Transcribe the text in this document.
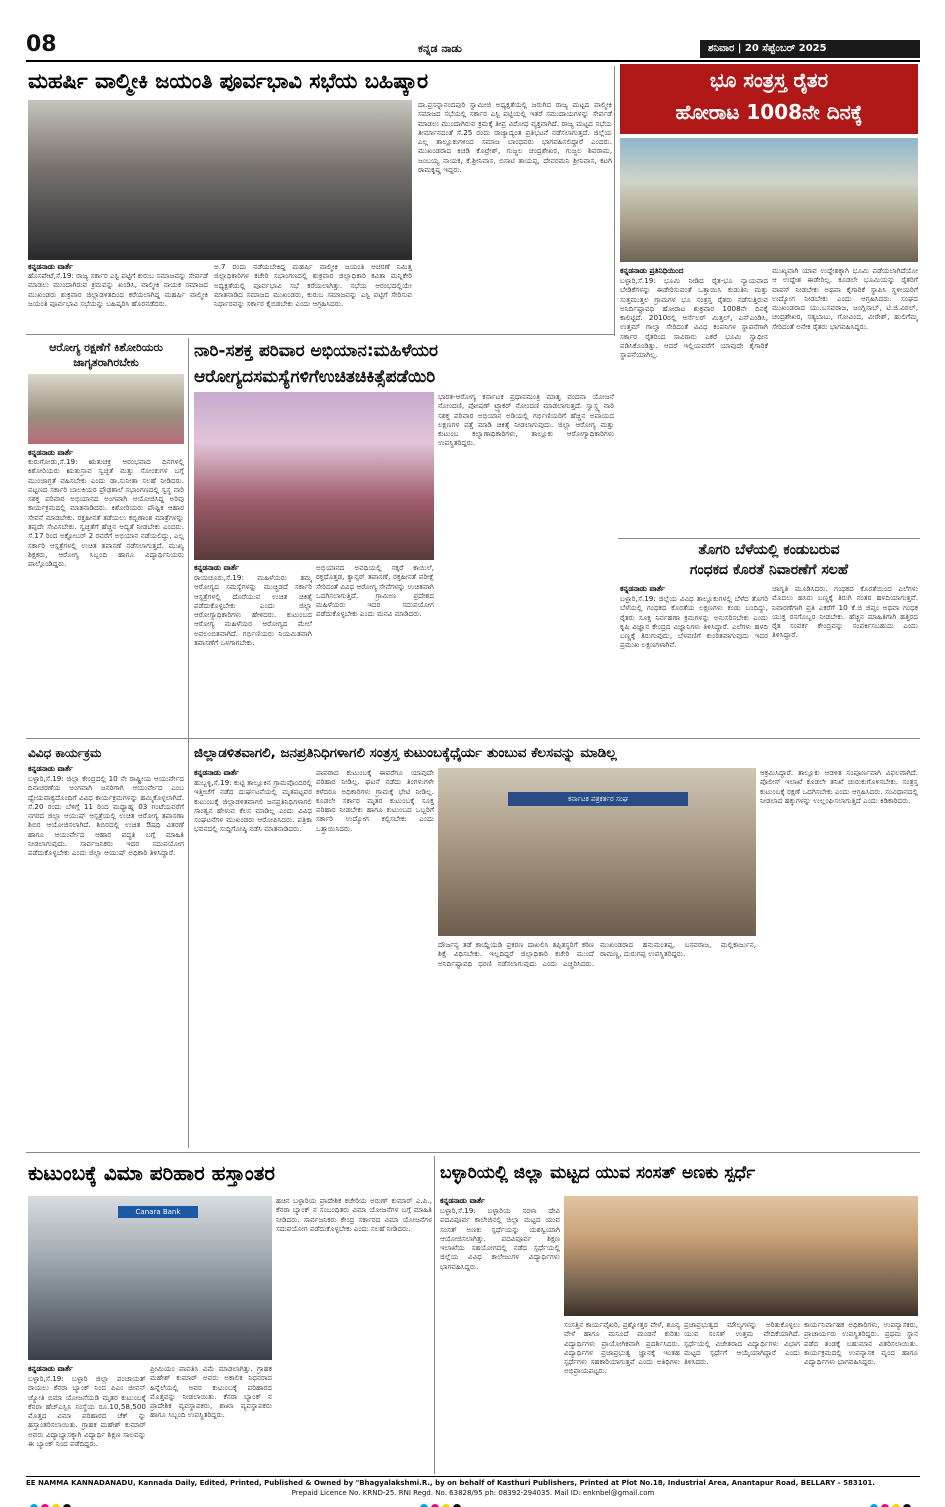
08	ಕನ್ನಡ ನಾಡು	ಶನಿವಾರ | 20 ಸೆಪ್ಟೆಂಬರ್ 2025
ಮಹರ್ಷಿ ವಾಲ್ಮೀಕಿ ಜಯಂತಿ ಪೂರ್ವಭಾವಿ ಸಭೆಯ ಬಹಿಷ್ಕಾರ
ಕನ್ನಡನಾಡು ವಾರ್ತೆ
ಹೊಸಪೇಟೆ,ಸೆ.19: ರಾಜ್ಯ ಸರ್ಕಾರ ಎಸ್ಟಿ ಪಟ್ಟಿಗೆ ಕುರುಬ ಸಮಾಜವನ್ನು ಸೇರ್ಪಡೆ ಮಾಡಲು ಮುಂದಾಗಿರುವ ಕ್ರಮವನ್ನು ಖಂಡಿಸಿ, ವಾಲ್ಮೀಕಿ ನಾಯಕ ಸಮಾಜದ ಮುಖಂಡರು ಶುಕ್ರವಾರ ಜಿಲ್ಲಾಡಳಿತದಿಂದ ಕರೆಯಲಾಗಿದ್ದ ಮಹರ್ಷಿ ವಾಲ್ಮೀಕಿ ಜಯಂತಿ ಪೂರ್ವಭಾವಿ ಸಭೆಯನ್ನು ಬಹಿಷ್ಕರಿಸಿ ಹೊರನಡೆದರು.
ಅ.7 ರಂದು ನಡೆಯಬೇಕಿದ್ದ ಮಹರ್ಷಿ ವಾಲ್ಮೀಕಿ ಜಯಂತಿ ಆಚರಣೆ ನಿಮಿತ್ತ ಜಿಲ್ಲಾಧಿಕಾರಿಗಳ ಕಚೇರಿ ಸಭಾಂಗಣದಲ್ಲಿ ಶುಕ್ರವಾರ ಜಿಲ್ಲಾಧಿಕಾರಿ ಕವಿತಾ ಮನ್ನಿಕೇರಿ ಅಧ್ಯಕ್ಷತೆಯಲ್ಲಿ ಪೂರ್ವಭಾವಿ ಸಭೆ ಕರೆಯಲಾಗಿತ್ತು. ಸಭೆಯ ಆರಂಭದಲ್ಲಿಯೇ ಮಾತನಾಡಿದ ಸಮಾಜದ ಮುಖಂಡರು, ಕುರುಬ ಸಮಾಜವನ್ನು ಎಸ್ಟಿ ಪಟ್ಟಿಗೆ ಸೇರಿಸುವ ನಿರ್ಧಾರವನ್ನು ಸರ್ಕಾರ ಕೈಬಿಡಬೇಕು ಎಂದು ಆಗ್ರಹಿಸಿದರು.
ದಾ.ಪ್ರಸನ್ನಾನಂದಪುರಿ ಸ್ವಾಮೀಜಿ ಅಧ್ಯಕ್ಷತೆಯಲ್ಲಿ ಜರುಗಿದ ರಾಜ್ಯ ಮಟ್ಟದ ವಾಲ್ಮೀಕಿ ಸಮಾಜದ ಸಭೆಯಲ್ಲಿ ಸರ್ಕಾರ ಎಸ್ಟಿ ಪಟ್ಟಿಯಲ್ಲಿ ಇತರೆ ಸಮುದಾಯಗಳನ್ನು ಸೇರ್ಪಡೆ ಮಾಡಲು ಮುಂದಾಗಿರುವ ಕ್ರಮಕ್ಕೆ ತೀವ್ರ ವಿರೋಧ ವ್ಯಕ್ತವಾಗಿದೆ. ರಾಜ್ಯ ಮಟ್ಟದ ಸಭೆಯ ತೀರ್ಮಾನದಂತೆ ಸೆ.25 ರಂದು ರಾಜ್ಯಾದ್ಯಂತ ಪ್ರತಿಭಟನೆ ನಡೆಸಲಾಗುತ್ತದೆ. ಜಿಲ್ಲೆಯ ಎಲ್ಲ ತಾಲ್ಲೂಕುಗಳಿಂದ ಸಮಾಜ ಬಾಂಧವರು ಭಾಗವಹಿಸಲಿದ್ದಾರೆ ಎಂದರು. ಮುಖಂಡರಾದ ಕಿಚಡಿ ಕೊಟ್ರೇಶ್, ಗುಜ್ಜಲ ಚಂದ್ರಶೇಖರ, ಗುಜ್ಜಲ ಶಿವರಾಮ, ಜಂಬಯ್ಯ ನಾಯಕ, ಕೆ.ಶ್ರೀನಿವಾಸ, ಬಿಸಾಟಿ ತಾಯಪ್ಪ, ದೇವರಮನಿ ಶ್ರೀನಿವಾಸ, ಕಟಗಿ ರಾಮಕೃಷ್ಣ ಇದ್ದರು.
ಭೂ ಸಂತ್ರಸ್ತ ರೈತರ
ಹೋರಾಟ 1008ನೇ ದಿನಕ್ಕೆ
ಕನ್ನಡನಾಡು ಪ್ರತಿನಿಧಿಯಿಂದ
ಬಳ್ಳಾರಿ,ಸೆ.19: ಭೂಮಿ ನೀಡಿದ ರೈತ-ಭೂ ನ್ಯಾಯವಾದ ಬೇಡಿಕೆಗಳನ್ನು ಈಡೇರಿಸುವಂತೆ ಒತ್ತಾಯಿಸಿ ಕುಡುತಿನಿ ಮತ್ತು ಸುತ್ತಮುತ್ತಲ ಗ್ರಾಮಗಳ ಭೂ ಸಂತ್ರಸ್ತ ರೈತರು ನಡೆಸುತ್ತಿರುವ ಅನಿರ್ದಿಷ್ಟಾವಧಿ ಹೋರಾಟ ಶುಕ್ರವಾರ 1008ನೇ ದಿನಕ್ಕೆ ಕಾಲಿಟ್ಟಿದೆ. 2010ರಲ್ಲಿ ಆರ್ಸೆಲರ್ ಮಿತ್ತಲ್, ಎನ್ಎಂಡಿಸಿ, ಉತ್ತಮ್ ಗಾಲ್ವಾ ಸೇರಿದಂತೆ ವಿವಿಧ ಕಂಪನಿಗಳ ಸ್ಥಾಪನೆಗಾಗಿ ಸರ್ಕಾರ ರೈತರಿಂದ ಸಾವಿರಾರು ಎಕರೆ ಭೂಮಿ ಸ್ವಾಧೀನ ಪಡಿಸಿಕೊಂಡಿತ್ತು. ಆದರೆ ಇಲ್ಲಿಯವರೆಗೆ ಯಾವುದೇ ಕೈಗಾರಿಕೆ ಸ್ಥಾಪನೆಯಾಗಿಲ್ಲ.
ಮುಖ್ಯವಾಗಿ ಯಾವ ಉದ್ದೇಶಕ್ಕಾಗಿ ಭೂಮಿ ಪಡೆಯಲಾಗಿದೆಯೋ ಆ ಉದ್ದೇಶ ಈಡೇರಿಲ್ಲ. ಕೂಡಲೇ ಭೂಮಿಯನ್ನು ರೈತರಿಗೆ ವಾಪಸ್ ನೀಡಬೇಕು ಅಥವಾ ಕೈಗಾರಿಕೆ ಸ್ಥಾಪಿಸಿ ಸ್ಥಳೀಯರಿಗೆ ಉದ್ಯೋಗ ನೀಡಬೇಕು ಎಂದು ಆಗ್ರಹಿಸಿದರು. ಸಂಘದ ಮುಖಂಡರಾದ ಯು.ಬಸವರಾಜ, ಜಂಗ್ಲಿಸಾಬ್, ಟಿ.ಜಿ.ವಿಠಲ್, ಚಂದ್ರಶೇಖರ, ಸತ್ಯಬಾಬು, ಗೋವಿಂದ, ವೀರೇಶ್, ಹುಲಿಗೆಮ್ಮ ಸೇರಿದಂತೆ ಅನೇಕ ರೈತರು ಭಾಗವಹಿಸಿದ್ದರು.
ಆರೋಗ್ಯ ರಕ್ಷಣೆಗೆ ಕಿಶೋರಿಯರು
ಜಾಗೃತರಾಗಿರಬೇಕು
ಕನ್ನಡನಾಡು ವಾರ್ತೆ
ಕುರುಗೋಡು,ಸೆ.19: ಋತುಚಕ್ರ ಆರಂಭವಾದ ದಿನಗಳಲ್ಲಿ ಕಿಶೋರಿಯರು ಋತುಸ್ರಾವ ಸ್ವಚ್ಛತೆ ಮತ್ತು ಸೋಂಕುಗಳ ಬಗ್ಗೆ ಮುಂಜಾಗ್ರತೆ ವಹಿಸಬೇಕು ಎಂದು ಡಾ.ಸುನೀತಾ ಸಲಹೆ ನೀಡಿದರು. ಪಟ್ಟಣದ ಸರ್ಕಾರಿ ಬಾಲಕಿಯರ ಪ್ರೌಢಶಾಲೆ ಸಭಾಂಗಣದಲ್ಲಿ ಸ್ವಸ್ಥ ನಾರಿ ಸಶಕ್ತ ಪರಿವಾರ ಅಭಿಯಾನದ ಅಂಗವಾಗಿ ಆಯೋಜಿಸಿದ್ದ ಅರಿವು ಕಾರ್ಯಕ್ರಮದಲ್ಲಿ ಮಾತನಾಡಿದರು. ಕಿಶೋರಿಯರು ಪೌಷ್ಟಿಕ ಆಹಾರ ಸೇವನೆ ಮಾಡಬೇಕು. ರಕ್ತಹೀನತೆ ತಡೆಯಲು ಕಬ್ಬಿಣಾಂಶ ಮಾತ್ರೆಗಳನ್ನು ತಪ್ಪದೇ ಸೇವಿಸಬೇಕು. ಸ್ವಚ್ಛತೆಗೆ ಹೆಚ್ಚಿನ ಆದ್ಯತೆ ನೀಡಬೇಕು ಎಂದರು. ಸೆ.17 ರಿಂದ ಅಕ್ಟೋಬರ್ 2 ರವರೆಗೆ ಅಭಿಯಾನ ನಡೆಯಲಿದ್ದು, ಎಲ್ಲ ಸರ್ಕಾರಿ ಆಸ್ಪತ್ರೆಗಳಲ್ಲಿ ಉಚಿತ ತಪಾಸಣೆ ನಡೆಸಲಾಗುತ್ತದೆ. ಮುಖ್ಯ ಶಿಕ್ಷಕರು, ಆರೋಗ್ಯ ಸಿಬ್ಬಂದಿ ಹಾಗೂ ವಿದ್ಯಾರ್ಥಿನಿಯರು ಪಾಲ್ಗೊಂಡಿದ್ದರು.
ನಾರಿ-ಸಶಕ್ತ ಪರಿವಾರ ಅಭಿಯಾನ:ಮಹಿಳೆಯರ
ಆರೋಗ್ಯದಸಮಸ್ಯೆಗಳಿಗೆಉಚಿತಚಿಕಿತ್ಸೆಪಡೆಯಿರಿ
ಕನ್ನಡನಾಡು ವಾರ್ತೆ
ರಾಯಚೂರು,ಸೆ.19: ಮಹಿಳೆಯರು ತಮ್ಮ ಆರೋಗ್ಯದ ಸಮಸ್ಯೆಗಳನ್ನು ಮುಚ್ಚಿಡದೆ ಸರ್ಕಾರಿ ಆಸ್ಪತ್ರೆಗಳಲ್ಲಿ ದೊರೆಯುವ ಉಚಿತ ಚಿಕಿತ್ಸೆ ಪಡೆದುಕೊಳ್ಳಬೇಕು ಎಂದು ಜಿಲ್ಲಾ ಆರೋಗ್ಯಾಧಿಕಾರಿಗಳು ಹೇಳಿದರು. ಕುಟುಂಬದ ಆರೋಗ್ಯ ಮಹಿಳೆಯರ ಆರೋಗ್ಯದ ಮೇಲೆ ಅವಲಂಬಿತವಾಗಿದೆ. ಗರ್ಭಿಣಿಯರು ನಿಯಮಿತವಾಗಿ ತಪಾಸಣೆಗೆ ಒಳಗಾಗಬೇಕು.
ಅಭಿಯಾನದ ಅವಧಿಯಲ್ಲಿ ಸಕ್ಕರೆ ಕಾಯಿಲೆ, ರಕ್ತದೊತ್ತಡ, ಕ್ಯಾನ್ಸರ್ ತಪಾಸಣೆ, ರಕ್ತಹೀನತೆ ಪರೀಕ್ಷೆ ಸೇರಿದಂತೆ ವಿವಿಧ ಆರೋಗ್ಯ ಸೇವೆಗಳನ್ನು ಉಚಿತವಾಗಿ ಒದಗಿಸಲಾಗುತ್ತಿದೆ. ಗ್ರಾಮೀಣ ಪ್ರದೇಶದ ಮಹಿಳೆಯರು ಇದರ ಸದುಪಯೋಗ ಪಡೆದುಕೊಳ್ಳಬೇಕು ಎಂದು ಮನವಿ ಮಾಡಿದರು.
ಭಾರತ-ಆರೋಗ್ಯ ಕರ್ನಾಟಕ ಪ್ರಧಾನಮಂತ್ರಿ ಮಾತೃ ವಂದನಾ ಯೋಜನೆ ನೋಂದಣಿ, ಪೋಷಣ್ ಟ್ರ್ಯಾಕರ್ ನೋಂದಣಿ ಮಾಡಲಾಗುತ್ತದೆ. ಸ್ವಾಸ್ಥ್ಯ ನಾರಿ ಸಶಕ್ತ ಪರಿವಾರ ಅಭಿಯಾನ ಅಡಿಯಲ್ಲಿ ಗರ್ಭಿಣಿಯರಿಗೆ ಹೆಚ್ಚಿನ ಅಪಾಯದ ಲಕ್ಷಣಗಳ ಪತ್ತೆ ಮಾಡಿ ಚಿಕಿತ್ಸೆ ನೀಡಲಾಗುವುದು. ಜಿಲ್ಲಾ ಆರೋಗ್ಯ ಮತ್ತು ಕುಟುಂಬ ಕಲ್ಯಾಣಾಧಿಕಾರಿಗಳು, ತಾಲ್ಲೂಕು ಆರೋಗ್ಯಾಧಿಕಾರಿಗಳು ಉಪಸ್ಥಿತರಿದ್ದರು.
ತೊಗರಿ ಬೆಳೆಯಲ್ಲಿ ಕಂಡುಬರುವ
ಗಂಧಕದ ಕೊರತೆ ನಿವಾರಣೆಗೆ ಸಲಹೆ
ಕನ್ನಡನಾಡು ವಾರ್ತೆ
ಬಳ್ಳಾರಿ,ಸೆ.19: ಜಿಲ್ಲೆಯ ವಿವಿಧ ತಾಲ್ಲೂಕುಗಳಲ್ಲಿ ಬೆಳೆದ ತೊಗರಿ ಬೆಳೆಯಲ್ಲಿ ಗಂಧಕದ ಕೊರತೆಯ ಲಕ್ಷಣಗಳು ಕಂಡು ಬಂದಿದ್ದು, ರೈತರು ಸೂಕ್ತ ನಿರ್ವಹಣಾ ಕ್ರಮಗಳನ್ನು ಅನುಸರಿಸಬೇಕು ಎಂದು ಕೃಷಿ ವಿಜ್ಞಾನ ಕೇಂದ್ರದ ವಿಜ್ಞಾನಿಗಳು ತಿಳಿಸಿದ್ದಾರೆ. ಎಲೆಗಳು ಹಳದಿ ಬಣ್ಣಕ್ಕೆ ತಿರುಗುವುದು, ಬೆಳವಣಿಗೆ ಕುಂಠಿತವಾಗುವುದು ಇದರ ಪ್ರಮುಖ ಲಕ್ಷಣಗಳಾಗಿವೆ.
ಜಾಗೃತಿ ಮೂಡಿಸಿದರು. ಗಂಧಕದ ಕೊರತೆಯಿಂದ ಎಲೆಗಳು ಮೊದಲು ಹಸಿರು ಬಣ್ಣಕ್ಕೆ ತಿರುಗಿ ನಂತರ ಹಳದಿಯಾಗುತ್ತವೆ. ನಿವಾರಣೆಗಾಗಿ ಪ್ರತಿ ಎಕರೆಗೆ 10 ಕೆ.ಜಿ ಜಿಪ್ಸಂ ಅಥವಾ ಗಂಧಕ ಯುಕ್ತ ರಸಗೊಬ್ಬರ ನೀಡಬೇಕು. ಹೆಚ್ಚಿನ ಮಾಹಿತಿಗಾಗಿ ಹತ್ತಿರದ ರೈತ ಸಂಪರ್ಕ ಕೇಂದ್ರವನ್ನು ಸಂಪರ್ಕಿಸಬಹುದು ಎಂದು ತಿಳಿಸಿದ್ದಾರೆ.
ವಿವಿಧ ಕಾರ್ಯಕ್ರಮ
ಕನ್ನಡನಾಡು ವಾರ್ತೆ
ಬಳ್ಳಾರಿ,ಸೆ.19: ಜಿಲ್ಲಾ ಕೇಂದ್ರದಲ್ಲಿ 10 ನೇ ರಾಷ್ಟ್ರೀಯ ಆಯುರ್ವೇದ ದಿನಾಚರಣೆಯ ಅಂಗವಾಗಿ ಜನರಿಗಾಗಿ ಆಯುರ್ವೇದ ಎಂಬ ಧ್ಯೇಯವಾಕ್ಯದೊಂದಿಗೆ ವಿವಿಧ ಕಾರ್ಯಕ್ರಮಗಳನ್ನು ಹಮ್ಮಿಕೊಳ್ಳಲಾಗಿದೆ. ಸೆ.20 ರಂದು ಬೆಳಿಗ್ಗೆ 11 ರಿಂದ ಮಧ್ಯಾಹ್ನ 03 ಗಂಟೆಯವರೆಗೆ ನಗರದ ಜಿಲ್ಲಾ ಆಯುಷ್ ಆಸ್ಪತ್ರೆಯಲ್ಲಿ ಉಚಿತ ಆರೋಗ್ಯ ತಪಾಸಣಾ ಶಿಬಿರ ಆಯೋಜಿಸಲಾಗಿದೆ. ಶಿಬಿರದಲ್ಲಿ ಉಚಿತ ಔಷಧಿ ವಿತರಣೆ ಹಾಗೂ ಆಯುರ್ವೇದ ಆಹಾರ ಪದ್ಧತಿ ಬಗ್ಗೆ ಮಾಹಿತಿ ನೀಡಲಾಗುವುದು. ಸಾರ್ವಜನಿಕರು ಇದರ ಸದುಪಯೋಗ ಪಡೆದುಕೊಳ್ಳಬೇಕು ಎಂದು ಜಿಲ್ಲಾ ಆಯುಷ್ ಅಧಿಕಾರಿ ತಿಳಿಸಿದ್ದಾರೆ.
ಜಿಲ್ಲಾಡಳಿತವಾಗಲಿ, ಜನಪ್ರತಿನಿಧಿಗಳಾಗಲಿ ಸಂತ್ರಸ್ತ ಕುಟುಂಬಕ್ಕೆಧೈರ್ಯ ತುಂಬುವ ಕೆಲಸವನ್ನು ಮಾಡಿಲ್ಲ
ಕನ್ನಡನಾಡು ವಾರ್ತೆ
ಹುಬ್ಬಳ್ಳಿ,ಸೆ.19: ಕುಟ್ಟಿ ತಾಲ್ಲೂಕಿನ ಗ್ರಾಮವೊಂದರಲ್ಲಿ ಇತ್ತೀಚೆಗೆ ನಡೆದ ದುರ್ಘಟನೆಯಲ್ಲಿ ಮೃತಪಟ್ಟವರ ಕುಟುಂಬಕ್ಕೆ ಜಿಲ್ಲಾಡಳಿತವಾಗಲಿ ಜನಪ್ರತಿನಿಧಿಗಳಾಗಲಿ ಸಾಂತ್ವನ ಹೇಳುವ ಕೆಲಸ ಮಾಡಿಲ್ಲ ಎಂದು ವಿವಿಧ ಸಂಘಟನೆಗಳ ಮುಖಂಡರು ಆರೋಪಿಸಿದರು. ಪತ್ರಿಕಾ ಭವನದಲ್ಲಿ ಸುದ್ದಿಗೋಷ್ಠಿ ನಡೆಸಿ ಮಾತನಾಡಿದರು.
ಪಾಪರಾದ ಕುಟುಂಬಕ್ಕೆ ಈವರೆಗೂ ಯಾವುದೇ ಪರಿಹಾರ ನೀಡಿಲ್ಲ. ಘಟನೆ ನಡೆದು ತಿಂಗಳುಗಳೇ ಕಳೆದರೂ ಅಧಿಕಾರಿಗಳು ಗ್ರಾಮಕ್ಕೆ ಭೇಟಿ ನೀಡಿಲ್ಲ. ಕೂಡಲೇ ಸರ್ಕಾರ ಮೃತರ ಕುಟುಂಬಕ್ಕೆ ಸೂಕ್ತ ಪರಿಹಾರ ನೀಡಬೇಕು ಹಾಗೂ ಕುಟುಂಬದ ಒಬ್ಬರಿಗೆ ಸರ್ಕಾರಿ ಉದ್ಯೋಗ ಕಲ್ಪಿಸಬೇಕು ಎಂದು ಒತ್ತಾಯಿಸಿದರು.
ಕರ್ನಾಟಕ ಪತ್ರಕರ್ತರ ಸಂಘ
ದೌರ್ಜನ್ಯ ತಡೆ ಕಾಯ್ದೆಯಡಿ ಪ್ರಕರಣ ದಾಖಲಿಸಿ ತಪ್ಪಿತಸ್ಥರಿಗೆ ಕಠಿಣ ಶಿಕ್ಷೆ ವಿಧಿಸಬೇಕು. ಇಲ್ಲದಿದ್ದರೆ ಜಿಲ್ಲಾಧಿಕಾರಿ ಕಚೇರಿ ಮುಂದೆ ಅನಿರ್ದಿಷ್ಟಾವಧಿ ಧರಣಿ ನಡೆಸಲಾಗುವುದು ಎಂದು ಎಚ್ಚರಿಸಿದರು. ಮುಖಂಡರಾದ ಹನುಮಂತಪ್ಪ, ಬಸವರಾಜ, ಮಲ್ಲಿಕಾರ್ಜುನ, ರಾಮಣ್ಣ, ದುರುಗಪ್ಪ ಉಪಸ್ಥಿತರಿದ್ದರು.
ಆಕ್ರಮಿಸಿದ್ದಾರೆ. ತಾಲ್ಲೂಕು ಆಡಳಿತ ಸಂಪೂರ್ಣವಾಗಿ ವಿಫಲವಾಗಿದೆ. ಪೊಲೀಸ್ ಇಲಾಖೆ ಕೂಡಲೇ ತನಿಖೆ ಚುರುಕುಗೊಳಿಸಬೇಕು. ಸಂತ್ರಸ್ತ ಕುಟುಂಬಕ್ಕೆ ರಕ್ಷಣೆ ಒದಗಿಸಬೇಕು ಎಂದು ಆಗ್ರಹಿಸಿದರು. ಸಂವಿಧಾನದಲ್ಲಿ ನೀಡಲಾದ ಹಕ್ಕುಗಳನ್ನು ಉಲ್ಲಂಘಿಸಲಾಗುತ್ತಿದೆ ಎಂದು ಕಿಡಿಕಾರಿದರು.
ಕುಟುಂಬಕ್ಕೆ ವಿಮಾ ಪರಿಹಾರ ಹಸ್ತಾಂತರ
Canara Bank
ಕನ್ನಡನಾಡು ವಾರ್ತೆ
ಬಳ್ಳಾರಿ,ಸೆ.19: ಬಳ್ಳಾರಿ ಜಿಲ್ಲಾ ಪಂಚಾಯತ್ ರಾಯಲು ಕೆನರಾ ಬ್ಯಾಂಕ್ ನಿಂದ ಪಿಎಂ ಜೀವನ್ ಜ್ಯೋತಿ ಬಿಮಾ ಯೋಜನೆಯಡಿ ಮೃತರ ಕುಟುಂಬಕ್ಕೆ ಕೆನರಾ ಹೆಚ್ಎಸ್ಬಿಸಿ ಸಂಸ್ಥೆಯ ರೂ.10,58,500 ಮೊತ್ತದ ವಿಮಾ ಪರಿಹಾರದ ಚೆಕ್ ನ್ನು ಹಸ್ತಾಂತರಿಸಲಾಯಿತು. ಗ್ರಾಹಕ ಮಹೇಶ್ ಕುಮಾರ್ ಅವರು ವಿದ್ಯಾಭ್ಯಾಸಕ್ಕಾಗಿ ವಿದ್ಯಾರ್ಥಿ ಶಿಕ್ಷಣ ಸಾಲವನ್ನು ಈ ಬ್ಯಾಂಕ್ ನಿಂದ ಪಡೆದಿದ್ದರು.
ಪ್ರೀಮಿಯಂ ಪಾವತಿಸಿ ವಿಮೆ ಮಾಡಲಾಗಿತ್ತು. ಗ್ರಾಹಕ ಮಹೇಶ್ ಕುಮಾರ್ ಅವರು ಅಕಾಲಿಕ ನಿಧನರಾದ ಹಿನ್ನೆಲೆಯಲ್ಲಿ ಅವರ ಕುಟುಂಬಕ್ಕೆ ಪರಿಹಾರದ ಮೊತ್ತವನ್ನು ನೀಡಲಾಯಿತು. ಕೆನರಾ ಬ್ಯಾಂಕ್ ನ ಪ್ರಾದೇಶಿಕ ವ್ಯವಸ್ಥಾಪಕರು, ಶಾಖಾ ವ್ಯವಸ್ಥಾಪಕರು ಹಾಗೂ ಸಿಬ್ಬಂದಿ ಉಪಸ್ಥಿತರಿದ್ದರು.
ಹಚಿನ ಬಳ್ಳಾರಿಯ ಪ್ರಾದೇಶಿಕ ಕಚೇರಿಯ ಅರುಣ್ ಕುಮಾರ್ ಎ.ಪಿ., ಕೆನರಾ ಬ್ಯಾಂಕ್ ನ ಸಂಬಂಧಿತರು ವಿಮಾ ಯೋಜನೆಗಳ ಬಗ್ಗೆ ಮಾಹಿತಿ ನೀಡಿದರು. ಸಾರ್ವಜನಿಕರು ಕೇಂದ್ರ ಸರ್ಕಾರದ ವಿಮಾ ಯೋಜನೆಗಳ ಸದುಪಯೋಗ ಪಡೆದುಕೊಳ್ಳಬೇಕು ಎಂದು ಸಲಹೆ ನೀಡಿದರು.
ಬಳ್ಳಾರಿಯಲ್ಲಿ ಜಿಲ್ಲಾ ಮಟ್ಟದ ಯುವ ಸಂಸತ್ ಅಣಕು ಸ್ಪರ್ಧೆ
ಕನ್ನಡನಾಡು ವಾರ್ತೆ
ಬಳ್ಳಾರಿ,ಸೆ.19: ಬಳ್ಳಾರಿಯ ಸರಳಾ ದೇವಿ ಪದವಿಪೂರ್ವ ಕಾಲೇಜಿನಲ್ಲಿ ಜಿಲ್ಲಾ ಮಟ್ಟದ ಯುವ ಸಂಸತ್ ಅಣಕು ಸ್ಪರ್ಧೆಯನ್ನು ಯಶಸ್ವಿಯಾಗಿ ಆಯೋಜಿಸಲಾಗಿತ್ತು. ಪದವಿಪೂರ್ವ ಶಿಕ್ಷಣ ಇಲಾಖೆಯ ಸಹಯೋಗದಲ್ಲಿ ನಡೆದ ಸ್ಪರ್ಧೆಯಲ್ಲಿ ಜಿಲ್ಲೆಯ ವಿವಿಧ ಕಾಲೇಜುಗಳ ವಿದ್ಯಾರ್ಥಿಗಳು ಭಾಗವಹಿಸಿದ್ದರು.
ಸಂಸತ್ತಿನ ಕಾರ್ಯವೈಖರಿ, ಪ್ರಶ್ನೋತ್ತರ ವೇಳೆ, ಶೂನ್ಯ ವೇಳೆ ಹಾಗೂ ಮಸೂದೆ ಮಂಡನೆ ಕುರಿತು ವಿದ್ಯಾರ್ಥಿಗಳು ಪ್ರಾಯೋಗಿಕವಾಗಿ ಪ್ರದರ್ಶಿಸಿದರು. ವಿದ್ಯಾರ್ಥಿಗಳ ಪ್ರಜಾಪ್ರಭುತ್ವ ಜ್ಞಾನಕ್ಕೆ ಇಂತಹ ಸ್ಪರ್ಧೆಗಳು ಸಹಕಾರಿಯಾಗುತ್ತವೆ ಎಂದು ಅತಿಥಿಗಳು ಅಭಿಪ್ರಾಯಪಟ್ಟರು.
ಪ್ರಜಾಪ್ರಭುತ್ವದ ಮೌಲ್ಯಗಳನ್ನು ಅರಿತುಕೊಳ್ಳಲು ಯುವ ಸಂಸತ್ ಉತ್ತಮ ವೇದಿಕೆಯಾಗಿದೆ. ಸ್ಪರ್ಧೆಯಲ್ಲಿ ವಿಜೇತರಾದ ವಿದ್ಯಾರ್ಥಿಗಳು ವಿಭಾಗ ಮಟ್ಟದ ಸ್ಪರ್ಧೆಗೆ ಆಯ್ಕೆಯಾಗಿದ್ದಾರೆ ಎಂದು ತಿಳಿಸಿದರು.
ಕಾರ್ಯನಿರ್ವಾಹಕ ಅಧಿಕಾರಿಗಳು, ಉಪನ್ಯಾಸಕರು, ಪ್ರಾಚಾರ್ಯರು ಉಪಸ್ಥಿತರಿದ್ದರು. ಪ್ರಥಮ ಸ್ಥಾನ ಪಡೆದ ತಂಡಕ್ಕೆ ಬಹುಮಾನ ವಿತರಿಸಲಾಯಿತು. ಕಾರ್ಯಕ್ರಮದಲ್ಲಿ ಉಪನ್ಯಾಸಕ ವೃಂದ ಹಾಗೂ ವಿದ್ಯಾರ್ಥಿಗಳು ಭಾಗವಹಿಸಿದ್ದರು.
EE NAMMA KANNADANADU, Kannada Daily, Edited, Printed, Published & Owned by "Bhagyalakshmi.R., by on behalf of Kasthuri Publishers, Printed at Plot No.18, Industrial Area, Anantapur Road, BELLARY - 583101.
Prepaid Licence No. KRND-25. RNI Regd. No. 63828/95 ph: 08392-294035. Mail ID: enknbel@gmail.com
